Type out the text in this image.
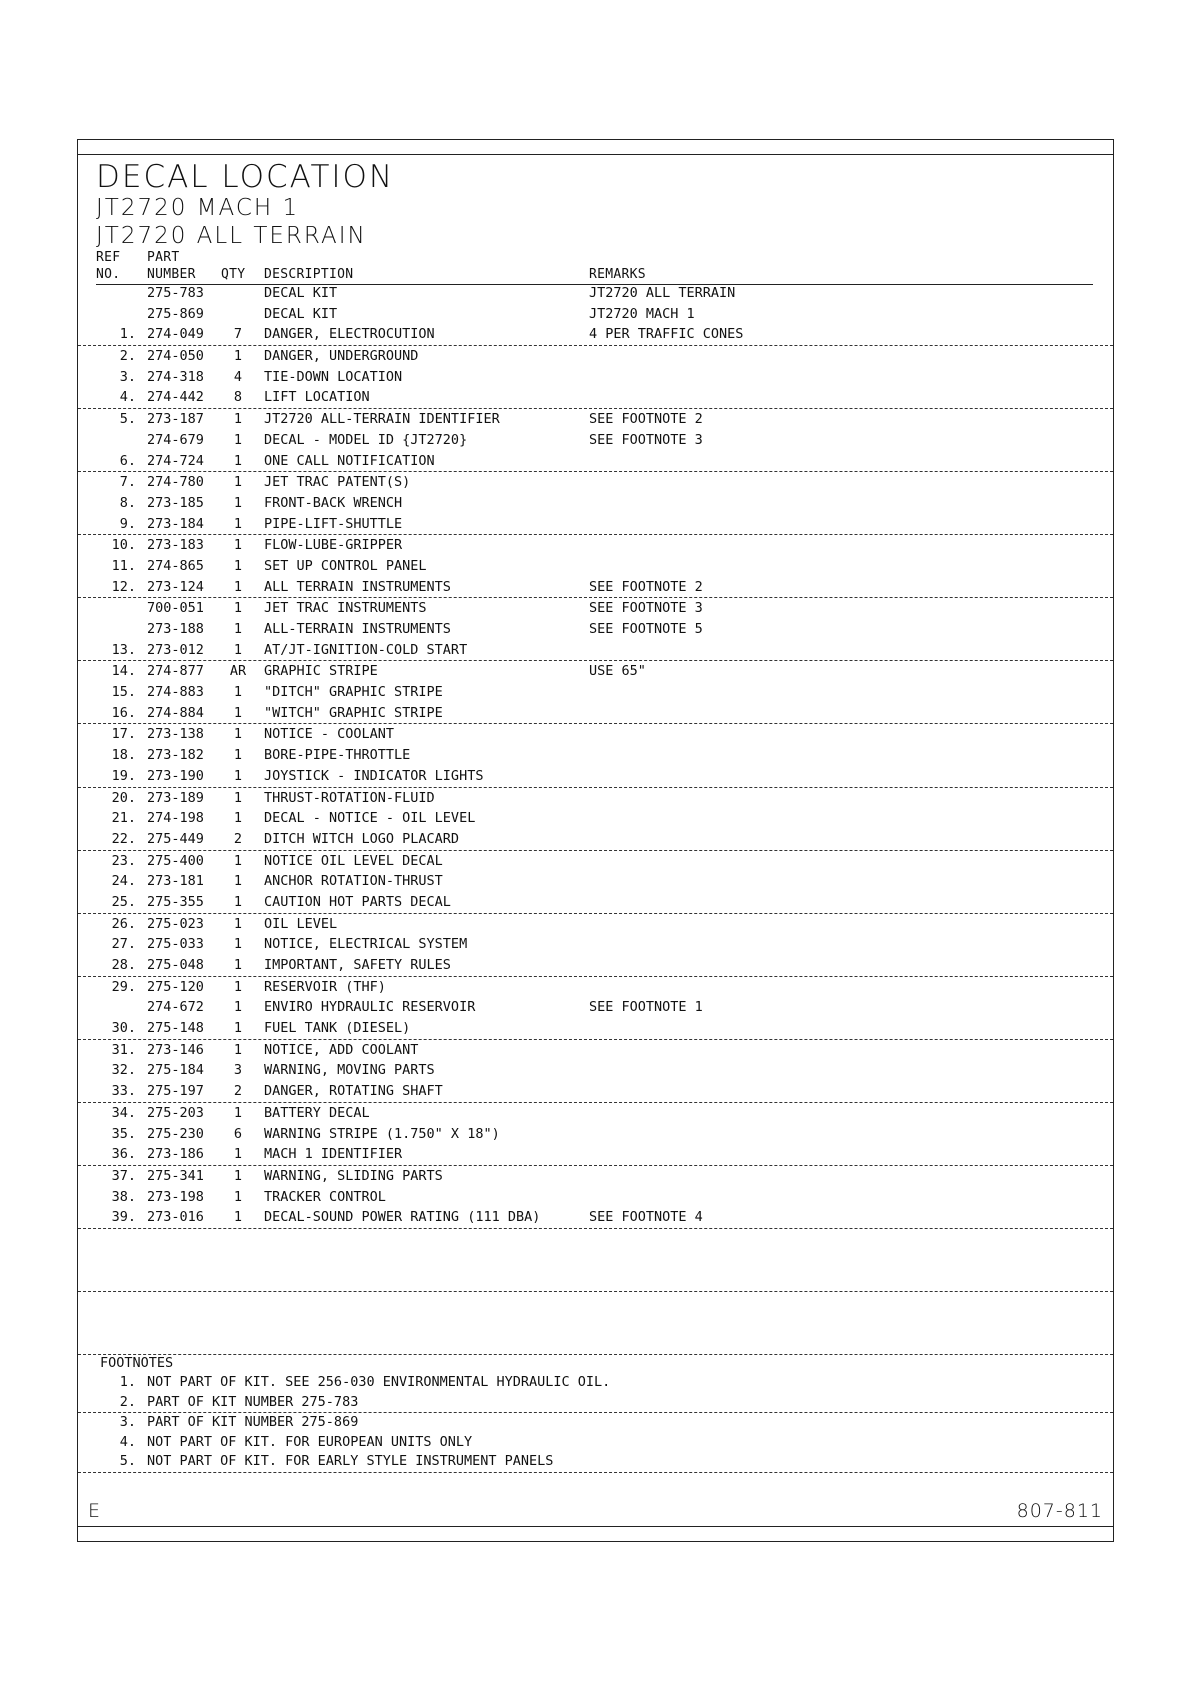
DECAL LOCATION
JT2720 MACH 1
JT2720 ALL TERRAIN
REF
NO.
PART
NUMBER QTY DESCRIPTION	REMARKS
275-783	DECAL KIT	JT2720 ALL TERRAIN
275-869	DECAL KIT	JT2720 MACH 1
1. 274-049	7	DANGER, ELECTROCUTION	4 PER TRAFFIC CONES
2. 274-050	1	DANGER, UNDERGROUND
3. 274-318	4	TIE-DOWN LOCATION
4. 274-442	8	LIFT LOCATION
5. 273-187	1	JT2720 ALL-TERRAIN IDENTIFIER	SEE FOOTNOTE 2
274-679	1	DECAL - MODEL ID {JT2720}	SEE FOOTNOTE 3
6. 274-724	1	ONE CALL NOTIFICATION
7. 274-780	1	JET TRAC PATENT(S)
8. 273-185	1	FRONT-BACK WRENCH
9. 273-184	1	PIPE-LIFT-SHUTTLE
10. 273-183	1	FLOW-LUBE-GRIPPER
11. 274-865	1	SET UP CONTROL PANEL
12. 273-124	1	ALL TERRAIN INSTRUMENTS	SEE FOOTNOTE 2
700-051	1	JET TRAC INSTRUMENTS	SEE FOOTNOTE 3
273-188	1	ALL-TERRAIN INSTRUMENTS	SEE FOOTNOTE 5
13. 273-012	1	AT/JT-IGNITION-COLD START
14. 274-877 AR GRAPHIC STRIPE	USE 65"
15. 274-883	1	"DITCH" GRAPHIC STRIPE
16. 274-884	1	"WITCH" GRAPHIC STRIPE
17. 273-138	1	NOTICE - COOLANT
18. 273-182	1	BORE-PIPE-THROTTLE
19. 273-190	1	JOYSTICK - INDICATOR LIGHTS
20. 273-189	1	THRUST-ROTATION-FLUID
21. 274-198	1	DECAL - NOTICE - OIL LEVEL
22. 275-449	2	DITCH WITCH LOGO PLACARD
23. 275-400	1	NOTICE OIL LEVEL DECAL
24. 273-181	1	ANCHOR ROTATION-THRUST
25. 275-355	1	CAUTION HOT PARTS DECAL
26. 275-023	1	OIL LEVEL
27. 275-033	1	NOTICE, ELECTRICAL SYSTEM
28. 275-048	1	IMPORTANT, SAFETY RULES
29. 275-120	1	RESERVOIR (THF)
274-672	1	ENVIRO HYDRAULIC RESERVOIR	SEE FOOTNOTE 1
30. 275-148	1	FUEL TANK (DIESEL)
31. 273-146	1	NOTICE, ADD COOLANT
32. 275-184	3	WARNING, MOVING PARTS
33. 275-197	2	DANGER, ROTATING SHAFT
34. 275-203	1	BATTERY DECAL
35. 275-230	6	WARNING STRIPE (1.750" X 18")
36. 273-186	1	MACH 1 IDENTIFIER
37. 275-341	1	WARNING, SLIDING PARTS
38. 273-198	1	TRACKER CONTROL
39. 273-016	1	DECAL-SOUND POWER RATING (111 DBA)	SEE FOOTNOTE 4
FOOTNOTES
1. NOT PART OF KIT. SEE 256-030 ENVIRONMENTAL HYDRAULIC OIL.
2. PART OF KIT NUMBER 275-783
3. PART OF KIT NUMBER 275-869
4. NOT PART OF KIT. FOR EUROPEAN UNITS ONLY
5. NOT PART OF KIT. FOR EARLY STYLE INSTRUMENT PANELS
E	807-811
